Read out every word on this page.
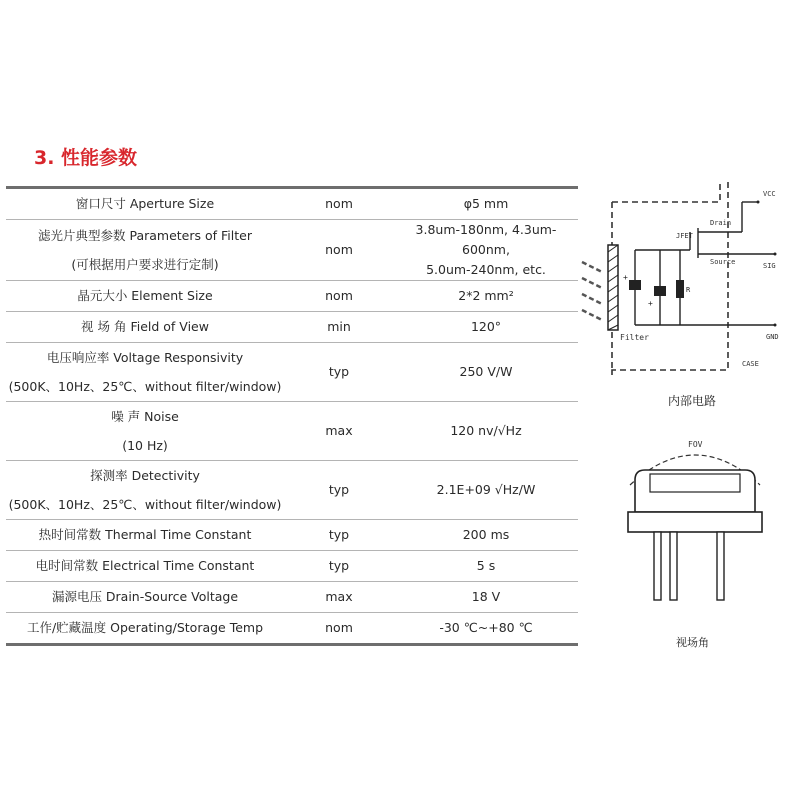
3. 性能参数
窗口尺寸 Aperture Size	nom	φ5 mm

滤光片典型参数 Parameters of Filter
(可根据用户要求进行定制)	nom	3.8um-180nm, 4.3um-600nm,
5.0um-240nm, etc.

晶元大小 Element Size	nom	2*2 mm²
视 场 角 Field of View	min	120°

电压响应率 Voltage Responsivity
(500K、10Hz、25℃、without filter/window)	typ	250 V/W

噪 声 Noise
(10 Hz)	max	120 nv/√Hz

探测率 Detectivity
(500K、10Hz、25℃、without filter/window)	typ	2.1E+09 √Hz/W
热时间常数 Thermal Time Constant	typ	200 ms
电时间常数 Electrical Time Constant	typ	5 s
漏源电压 Drain-Source Voltage	max	18 V
工作/贮藏温度 Operating/Storage Temp	nom	-30 ℃~+80 ℃
Filter
+
+
R
JFET
Drain
Source
VCC
SIG
GND
CASE
内部电路
FOV
视场角
